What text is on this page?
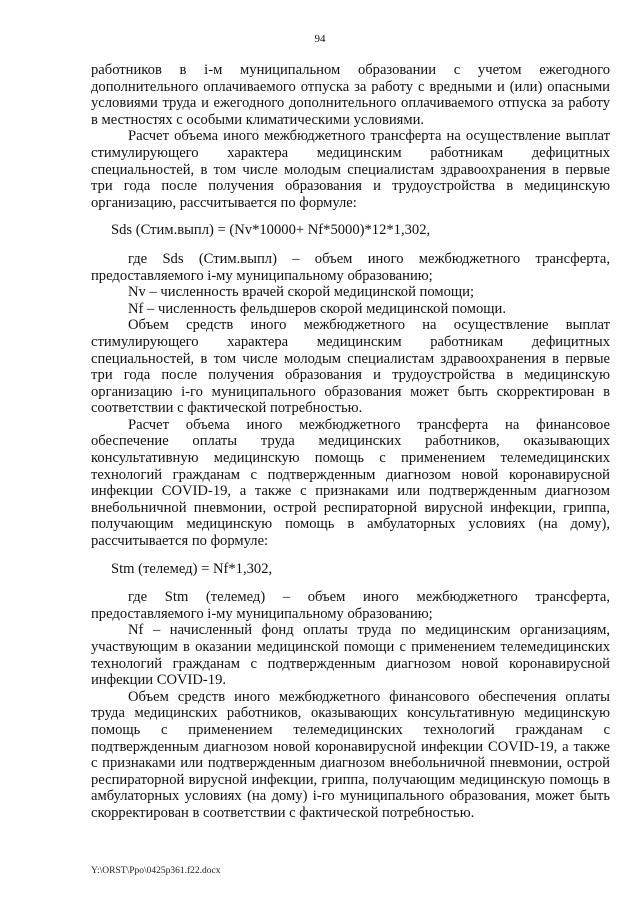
94

работников в i-м муниципальном образовании с учетом ежегодного дополнительного оплачиваемого отпуска за работу с вредными и (или) опасными условиями труда и ежегодного дополнительного оплачиваемого отпуска за работу в местностях с особыми климатическими условиями.

Расчет объема иного межбюджетного трансферта на осуществление выплат стимулирующего характера медицинским работникам дефицитных специальностей, в том числе молодым специалистам здравоохранения в первые три года после получения образования и трудоустройства в медицинскую организацию, рассчитывается по формуле:

Sds (Стим.выпл) = (Nv*10000+ Nf*5000)*12*1,302,

где Sds (Стим.выпл) – объем иного межбюджетного трансферта, предоставляемого i-му муниципальному образованию;

Nv – численность врачей скорой медицинской помощи;

Nf – численность фельдшеров скорой медицинской помощи.

Объем средств иного межбюджетного на осуществление выплат стимулирующего характера медицинским работникам дефицитных специальностей, в том числе молодым специалистам здравоохранения в первые три года после получения образования и трудоустройства в медицинскую организацию i-го муниципального образования может быть скорректирован в соответствии с фактической потребностью.

Расчет объема иного межбюджетного трансферта на финансовое обеспечение оплаты труда медицинских работников, оказывающих консультативную медицинскую помощь с применением телемедицинских технологий гражданам с подтвержденным диагнозом новой коронавирусной инфекции COVID-19, а также с признаками или подтвержденным диагнозом внебольничной пневмонии, острой респираторной вирусной инфекции, гриппа, получающим медицинскую помощь в амбулаторных условиях (на дому), рассчитывается по формуле:

Stm (телемед) = Nf*1,302,

где Stm (телемед) – объем иного межбюджетного трансферта, предоставляемого i-му муниципальному образованию;

Nf – начисленный фонд оплаты труда по медицинским организациям, участвующим в оказании медицинской помощи с применением телемедицинских технологий гражданам с подтвержденным диагнозом новой коронавирусной инфекции COVID-19.

Объем средств иного межбюджетного финансового обеспечения оплаты труда медицинских работников, оказывающих консультативную медицинскую помощь с применением телемедицинских технологий гражданам с подтвержденным диагнозом новой коронавирусной инфекции COVID-19, а также с признаками или подтвержденным диагнозом внебольничной пневмонии, острой респираторной вирусной инфекции, гриппа, получающим медицинскую помощь в амбулаторных условиях (на дому) i-го муниципального образования, может быть скорректирован в соответствии с фактической потребностью.

Y:\ORST\Ppo\0425p361.f22.docx
